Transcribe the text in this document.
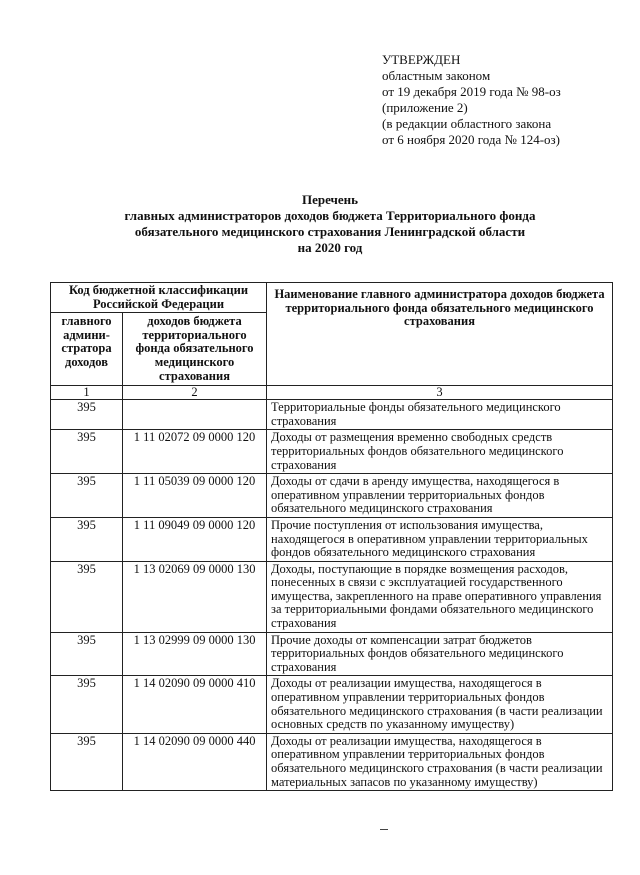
УТВЕРЖДЕН
областным законом
от 19 декабря 2019 года № 98-оз
(приложение 2)
(в редакции областного закона
от 6 ноября 2020 года № 124-оз)
Перечень
главных администраторов доходов бюджета Территориального фонда
обязательного медицинского страхования Ленинградской области
на 2020 год
Код бюджетной классификации Российской Федерации		Наименование главного администратора доходов бюджета территориального фонда обязательного медицинского страхования
главного админи-стратора доходов	доходов бюджета территориального фонда обязательного медицинского страхования	
1	2	3
395		Территориальные фонды обязательного медицинского страхования
395	1 11 02072 09 0000 120	Доходы от размещения временно свободных средств территориальных фондов обязательного медицинского страхования
395	1 11 05039 09 0000 120	Доходы от сдачи в аренду имущества, находящегося в оперативном управлении территориальных фондов обязательного медицинского страхования
395	1 11 09049 09 0000 120	Прочие поступления от использования имущества, находящегося в оперативном управлении территориальных фондов обязательного медицинского страхования
395	1 13 02069 09 0000 130	Доходы, поступающие в порядке возмещения расходов, понесенных в связи с эксплуатацией государственного имущества, закрепленного на праве оперативного управления за территориальными фондами обязательного медицинского страхования
395	1 13 02999 09 0000 130	Прочие доходы от компенсации затрат бюджетов территориальных фондов обязательного медицинского страхования
395	1 14 02090 09 0000 410	Доходы от реализации имущества, находящегося в оперативном управлении территориальных фондов обязательного медицинского страхования (в части реализации основных средств по указанному имуществу)
395	1 14 02090 09 0000 440	Доходы от реализации имущества, находящегося в оперативном управлении территориальных фондов обязательного медицинского страхования (в части реализации материальных запасов по указанному имуществу)
